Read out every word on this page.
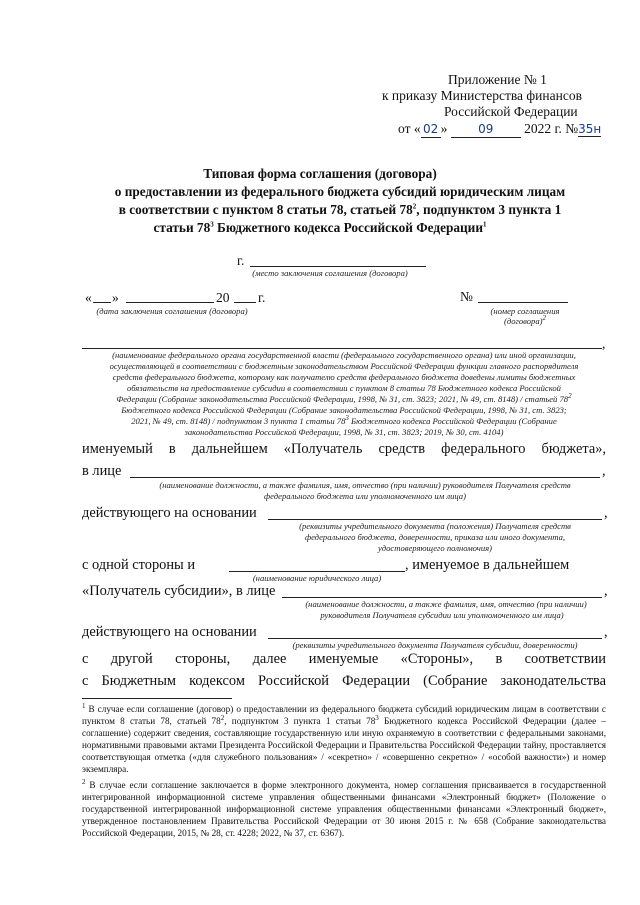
Приложение № 1
к приказу Министерства финансов
Российской Федерации
от « 02 »	09 2022 г. №35н
Типовая форма соглашения (договора)
о предоставлении из федерального бюджета субсидий юридическим лицам
в соответствии с пунктом 8 статьи 78, статьей $78^2$, подпунктом 3 пункта 1
статьи $78^3$ Бюджетного кодекса Российской Федерации$^1$
г.
(место заключения соглашения (договора)
« »	20 г.
(дата заключения соглашения (договора)
№
(номер соглашения
(договора)$^2$
,
(наименование федерального органа государственной власти (федерального государственного органа) или иной организации,
осуществляющей в соответствии с бюджетным законодательством Российской Федерации функции главного распорядителя
средств федерального бюджета, которому как получателю средств федерального бюджета доведены лимиты бюджетных
обязательств на предоставление субсидии в соответствии с пунктом 8 статьи 78 Бюджетного кодекса Российской
Федерации (Собрание законодательства Российской Федерации, 1998, № 31, ст. 3823; 2021, № 49, ст. 8148) / статьей $78^2$
Бюджетного кодекса Российской Федерации (Собрание законодательства Российской Федерации, 1998, № 31, ст. 3823;
2021, № 49, ст. 8148) / подпунктом 3 пункта 1 статьи $78^3$ Бюджетного кодекса Российской Федерации (Собрание
законодательства Российской Федерации, 1998, № 31, ст. 3823; 2019, № 30, ст. 4104)
именуемый в дальнейшем «Получатель средств федерального бюджета»,
в лице	,
(наименование должности, а также фамилия, имя, отчество (при наличии) руководителя Получателя средств
федерального бюджета или уполномоченного им лица)
действующего на основании	,
(реквизиты учредительного документа (положения) Получателя средств
федерального бюджета, доверенности, приказа или иного документа,
удостоверяющего полномочия)
с одной стороны и	, именуемое в дальнейшем
(наименование юридического лица)
«Получатель субсидии», в лице	,
(наименование должности, а также фамилия, имя, отчество (при наличии)
руководителя Получателя субсидии или уполномоченного им лица)
действующего на основании	,
(реквизиты учредительного документа Получателя субсидии, доверенности)
с другой стороны, далее именуемые «Стороны», в соответствии
с Бюджетным кодексом Российской Федерации (Собрание законодательства
$^1$ В случае если соглашение (договор) о предоставлении из федерального бюджета субсидий юридическим лицам в соответствии с пунктом 8 статьи 78, статьей $78^2$, подпунктом 3 пункта 1 статьи $78^3$ Бюджетного кодекса Российской Федерации (далее – соглашение) содержит сведения, составляющие государственную или иную охраняемую в соответствии с федеральными законами, нормативными правовыми актами Президента Российской Федерации и Правительства Российской Федерации тайну, проставляется соответствующая отметка («для служебного пользования» / «секретно» / «совершенно секретно» / «особой важности») и номер экземпляра.
$^2$ В случае если соглашение заключается в форме электронного документа, номер соглашения присваивается в государственной интегрированной информационной системе управления общественными финансами «Электронный бюджет» (Положение о государственной интегрированной информационной системе управления общественными финансами «Электронный бюджет», утвержденное постановлением Правительства Российской Федерации от 30 июня 2015 г. № 658 (Собрание законодательства Российской Федерации, 2015, № 28, ст. 4228; 2022, № 37, ст. 6367).
